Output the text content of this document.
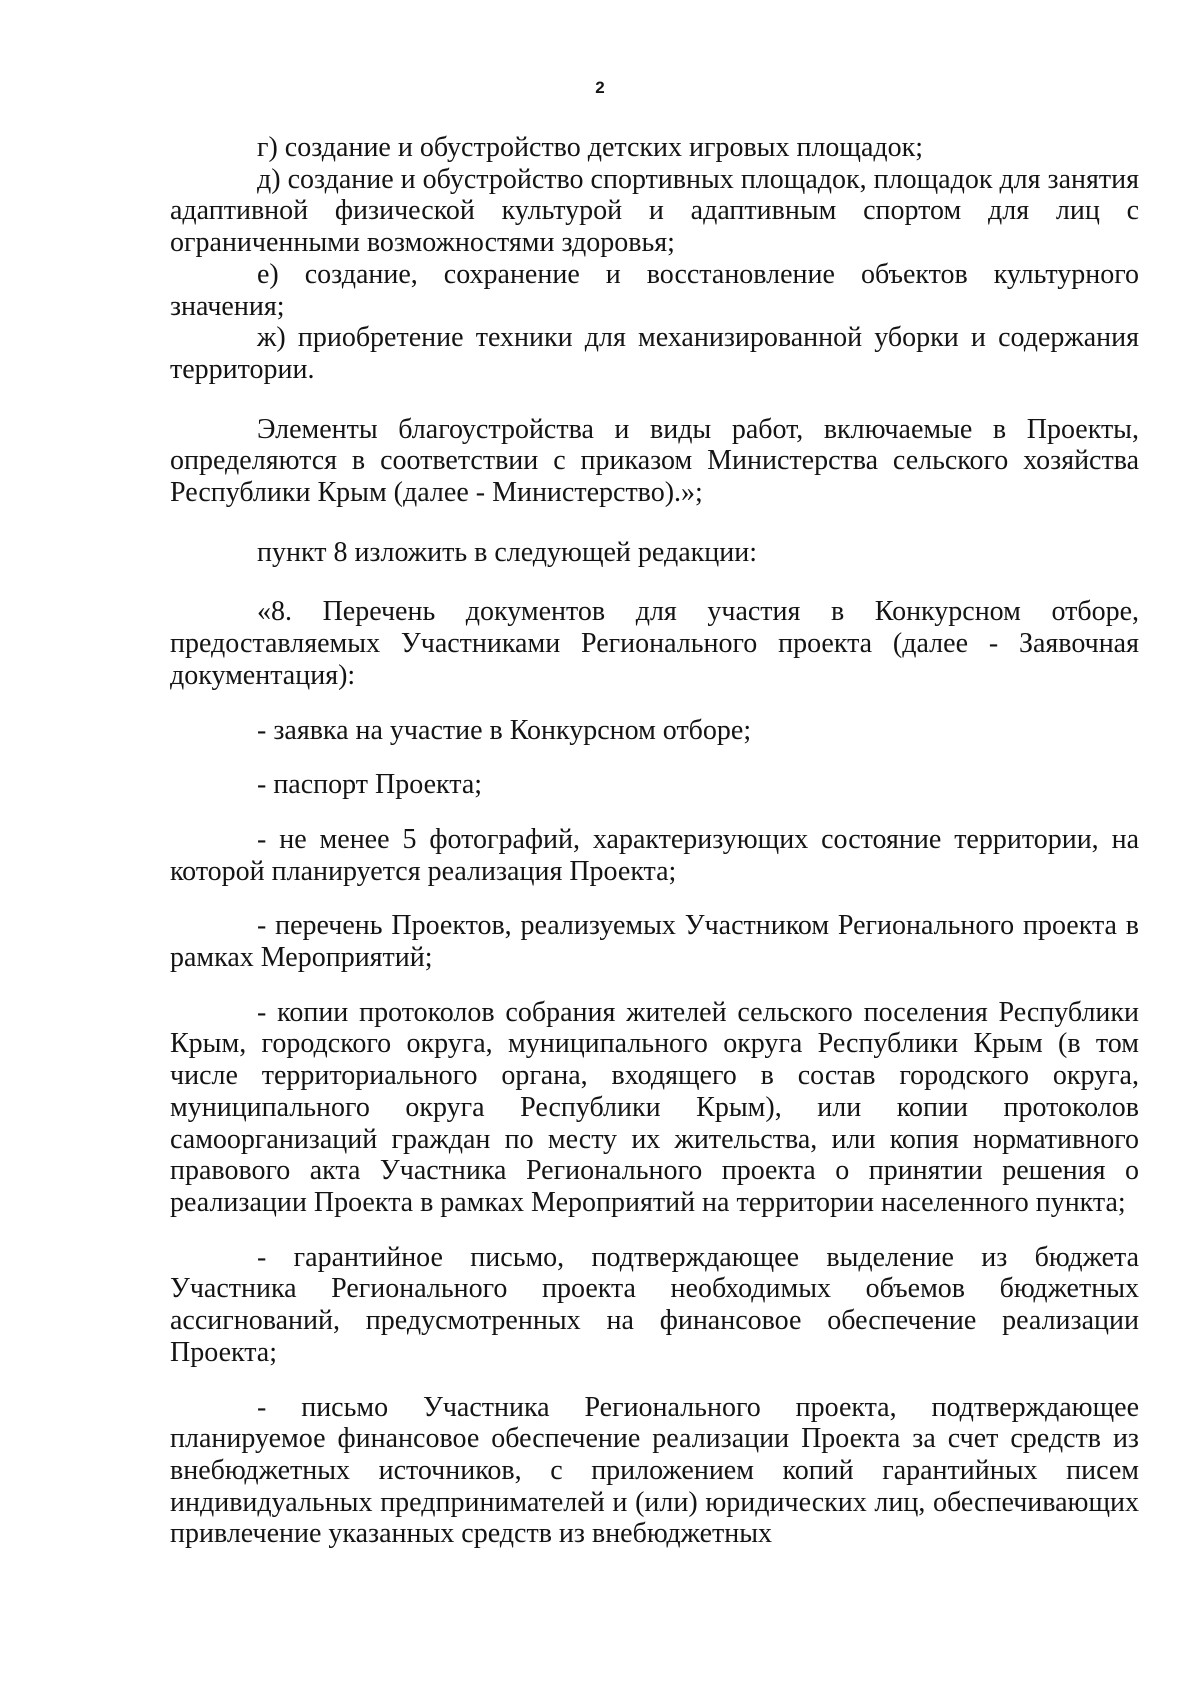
2

г) создание и обустройство детских игровых площадок;

д) создание и обустройство спортивных площадок, площадок для занятия адаптивной физической культурой и адаптивным спортом для лиц с ограниченными возможностями здоровья;

е) создание, сохранение и восстановление объектов культурного значения;

ж) приобретение техники для механизированной уборки и содержания территории.

Элементы благоустройства и виды работ, включаемые в Проекты, определяются в соответствии с приказом Министерства сельского хозяйства Республики Крым (далее - Министерство).»;

пункт 8 изложить в следующей редакции:

«8. Перечень документов для участия в Конкурсном отборе, предоставляемых Участниками Регионального проекта (далее - Заявочная документация):

- заявка на участие в Конкурсном отборе;

- паспорт Проекта;

- не менее 5 фотографий, характеризующих состояние территории, на которой планируется реализация Проекта;

- перечень Проектов, реализуемых Участником Регионального проекта в рамках Мероприятий;

- копии протоколов собрания жителей сельского поселения Республики Крым, городского округа, муниципального округа Республики Крым (в том числе территориального органа, входящего в состав городского округа, муниципального округа Республики Крым), или копии протоколов самоорганизаций граждан по месту их жительства, или копия нормативного правового акта Участника Регионального проекта о принятии решения о реализации Проекта в рамках Мероприятий на территории населенного пункта;

- гарантийное письмо, подтверждающее выделение из бюджета Участника Регионального проекта необходимых объемов бюджетных ассигнований, предусмотренных на финансовое обеспечение реализации Проекта;

- письмо Участника Регионального проекта, подтверждающее планируемое финансовое обеспечение реализации Проекта за счет средств из внебюджетных источников, с приложением копий гарантийных писем индивидуальных предпринимателей и (или) юридических лиц, обеспечивающих привлечение указанных средств из внебюджетных
